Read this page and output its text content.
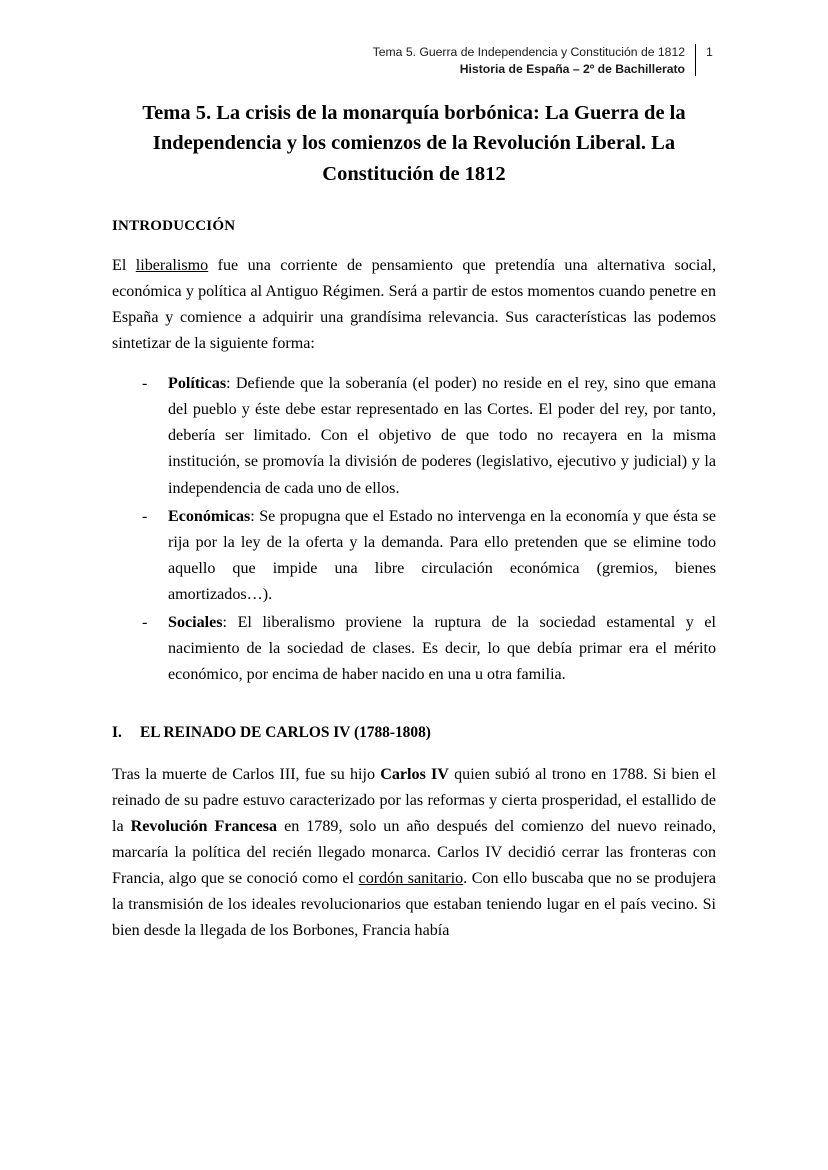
Tema 5. Guerra de Independencia y Constitución de 1812
Historia de España – 2º de Bachillerato
1
Tema 5. La crisis de la monarquía borbónica: La Guerra de la Independencia y los comienzos de la Revolución Liberal. La Constitución de 1812
INTRODUCCIÓN

El liberalismo fue una corriente de pensamiento que pretendía una alternativa social, económica y política al Antiguo Régimen. Será a partir de estos momentos cuando penetre en España y comience a adquirir una grandísima relevancia. Sus características las podemos sintetizar de la siguiente forma:

-	Políticas: Defiende que la soberanía (el poder) no reside en el rey, sino que emana del pueblo y éste debe estar representado en las Cortes. El poder del rey, por tanto, debería ser limitado. Con el objetivo de que todo no recayera en la misma institución, se promovía la división de poderes (legislativo, ejecutivo y judicial) y la independencia de cada uno de ellos.
-	Económicas: Se propugna que el Estado no intervenga en la economía y que ésta se rija por la ley de la oferta y la demanda. Para ello pretenden que se elimine todo aquello que impide una libre circulación económica (gremios, bienes amortizados…).
-	Sociales: El liberalismo proviene la ruptura de la sociedad estamental y el nacimiento de la sociedad de clases. Es decir, lo que debía primar era el mérito económico, por encima de haber nacido en una u otra familia.
I.	EL REINADO DE CARLOS IV (1788-1808)

Tras la muerte de Carlos III, fue su hijo Carlos IV quien subió al trono en 1788. Si bien el reinado de su padre estuvo caracterizado por las reformas y cierta prosperidad, el estallido de la Revolución Francesa en 1789, solo un año después del comienzo del nuevo reinado, marcaría la política del recién llegado monarca. Carlos IV decidió cerrar las fronteras con Francia, algo que se conoció como el cordón sanitario. Con ello buscaba que no se produjera la transmisión de los ideales revolucionarios que estaban teniendo lugar en el país vecino. Si bien desde la llegada de los Borbones, Francia había
